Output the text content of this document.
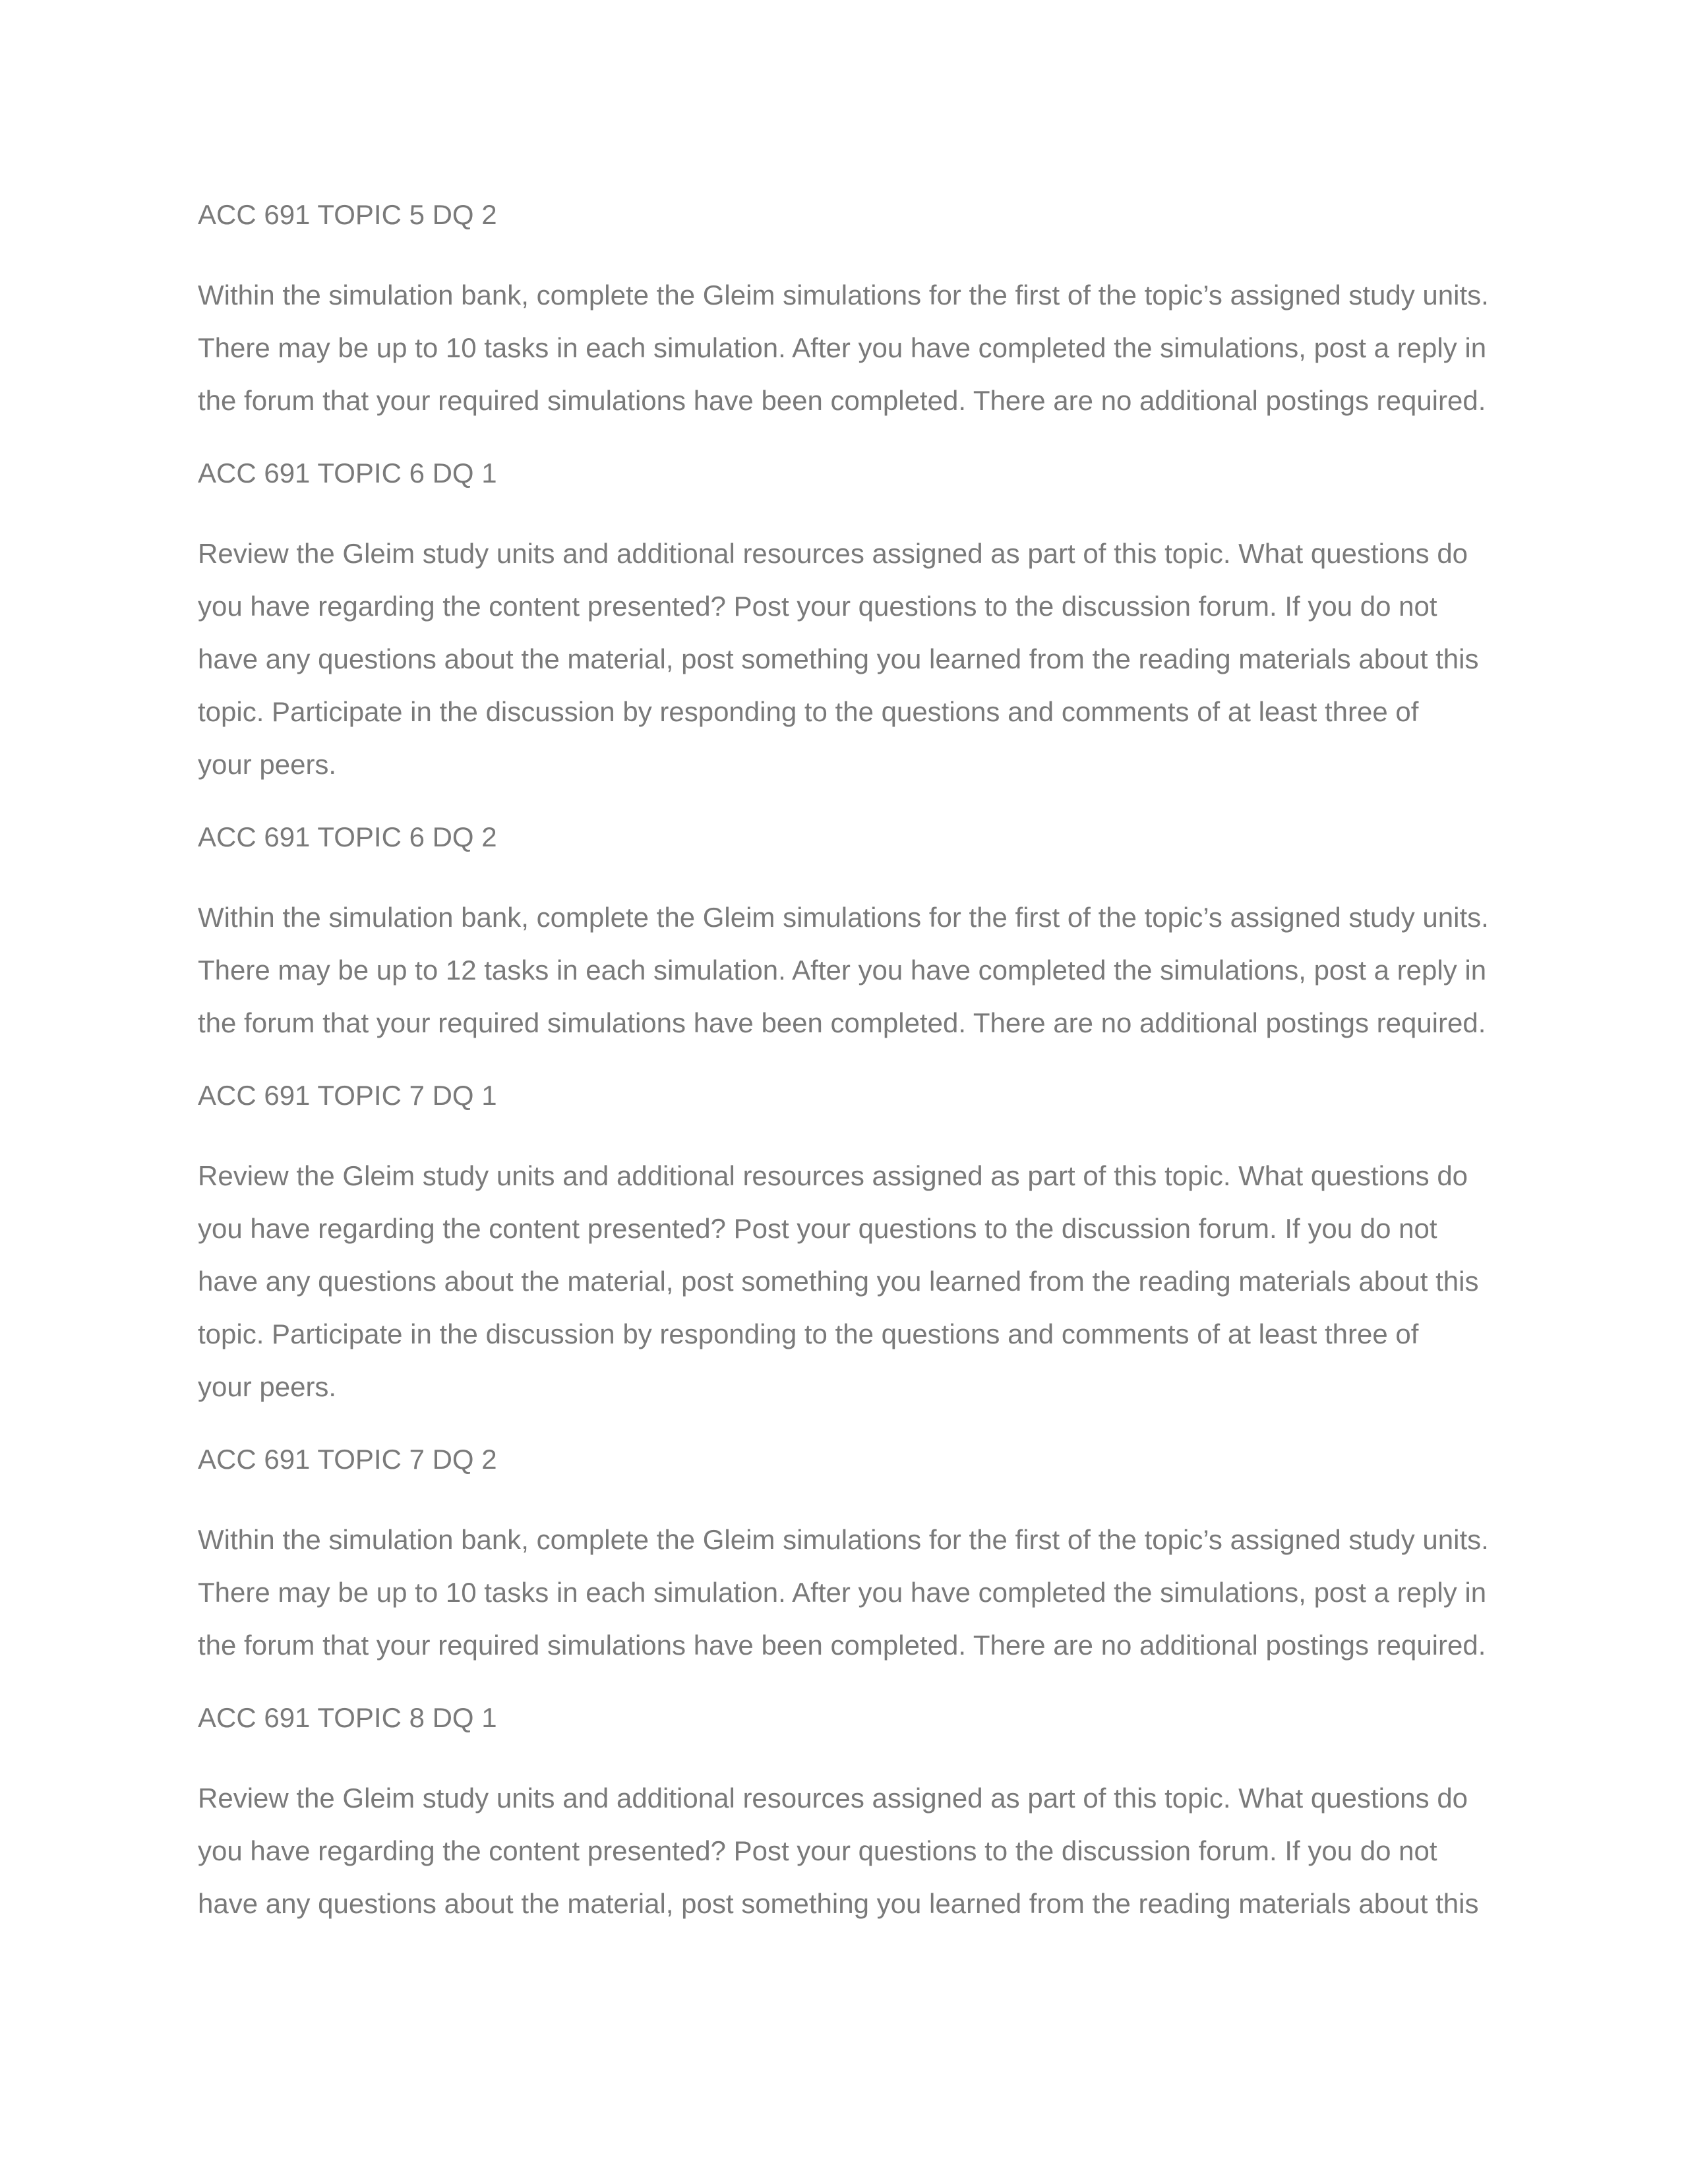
ACC 691 TOPIC 5 DQ 2
Within the simulation bank, complete the Gleim simulations for the first of the topic’s assigned study units.
There may be up to 10 tasks in each simulation. After you have completed the simulations, post a reply in
the forum that your required simulations have been completed. There are no additional postings required.
ACC 691 TOPIC 6 DQ 1
Review the Gleim study units and additional resources assigned as part of this topic. What questions do
you have regarding the content presented? Post your questions to the discussion forum. If you do not
have any questions about the material, post something you learned from the reading materials about this
topic. Participate in the discussion by responding to the questions and comments of at least three of
your peers.
ACC 691 TOPIC 6 DQ 2
Within the simulation bank, complete the Gleim simulations for the first of the topic’s assigned study units.
There may be up to 12 tasks in each simulation. After you have completed the simulations, post a reply in
the forum that your required simulations have been completed. There are no additional postings required.
ACC 691 TOPIC 7 DQ 1
Review the Gleim study units and additional resources assigned as part of this topic. What questions do
you have regarding the content presented? Post your questions to the discussion forum. If you do not
have any questions about the material, post something you learned from the reading materials about this
topic. Participate in the discussion by responding to the questions and comments of at least three of
your peers.
ACC 691 TOPIC 7 DQ 2
Within the simulation bank, complete the Gleim simulations for the first of the topic’s assigned study units.
There may be up to 10 tasks in each simulation. After you have completed the simulations, post a reply in
the forum that your required simulations have been completed. There are no additional postings required.
ACC 691 TOPIC 8 DQ 1
Review the Gleim study units and additional resources assigned as part of this topic. What questions do
you have regarding the content presented? Post your questions to the discussion forum. If you do not
have any questions about the material, post something you learned from the reading materials about this
